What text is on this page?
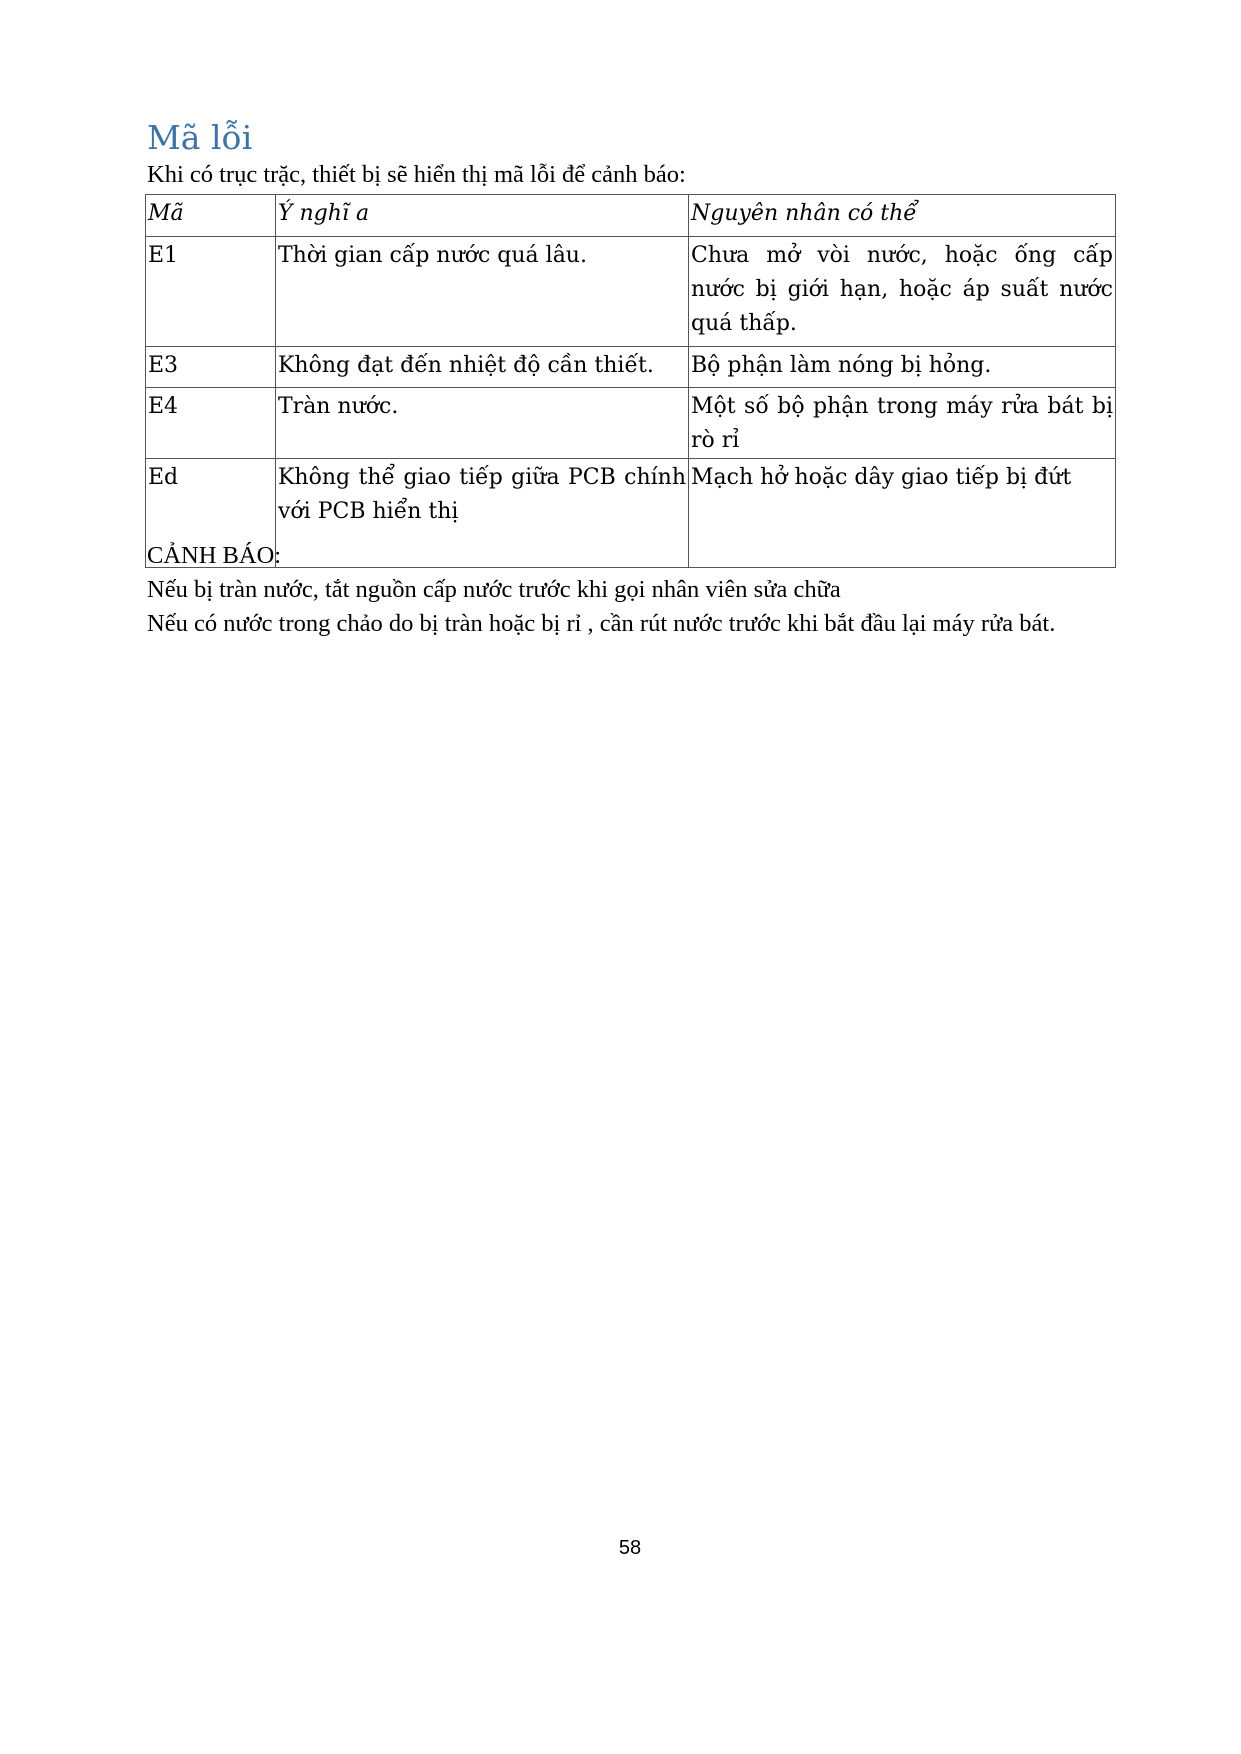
Mã lỗi
Khi có trục trặc, thiết bị sẽ hiển thị mã lỗi để cảnh báo:
Mã	Ý nghĩ a	Nguyên nhân có thể
E1	Thời gian cấp nước quá lâu.	Chưa mở vòi nước, hoặc ống cấp nước bị giới hạn, hoặc áp suất nước quá thấp.
E3	Không đạt đến nhiệt độ cần thiết.	Bộ phận làm nóng bị hỏng.
E4	Tràn nước.	Một số bộ phận trong máy rửa bát bị rò rỉ
Ed	Không thể giao tiếp giữa PCB chính với PCB hiển thị	Mạch hở hoặc dây giao tiếp bị đứt
CẢNH BÁO:
Nếu bị tràn nước, tắt nguồn cấp nước trước khi gọi nhân viên sửa chữa
Nếu có nước trong chảo do bị tràn hoặc bị rỉ , cần rút nước trước khi bắt đầu lại máy rửa bát.
58
